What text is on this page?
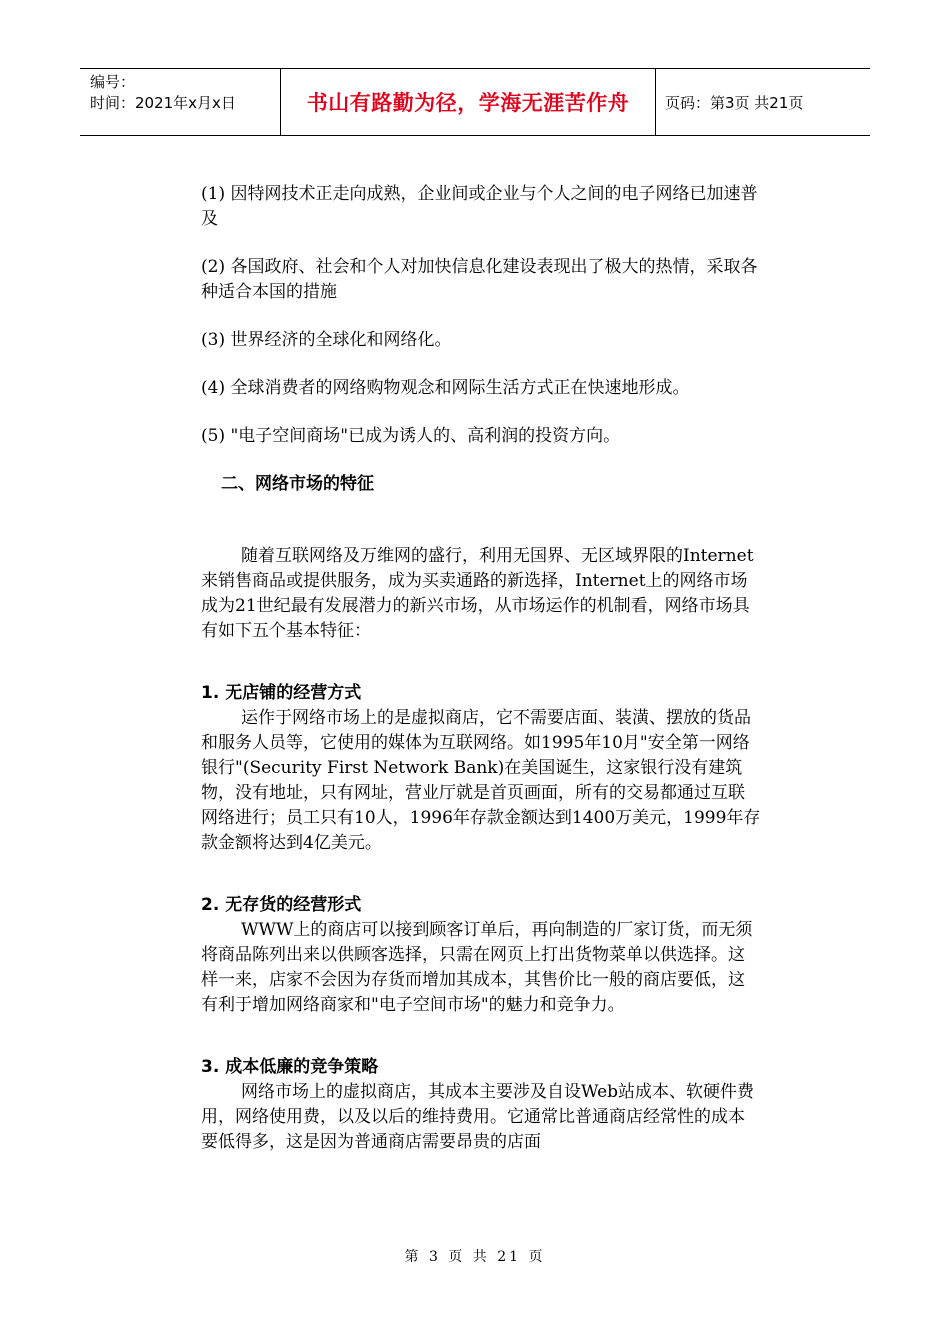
编号：
时间：2021年x月x日	书山有路勤为径，学海无涯苦作舟 页码：第3页 共21页

(1) 因特网技术正走向成熟，企业间或企业与个人之间的电子网络已加速普及

(2) 各国政府、社会和个人对加快信息化建设表现出了极大的热情，采取各种适合本国的措施

(3) 世界经济的全球化和网络化。

(4) 全球消费者的网络购物观念和网际生活方式正在快速地形成。

(5) "电子空间商场"已成为诱人的、高利润的投资方向。

二、网络市场的特征

随着互联网络及万维网的盛行，利用无国界、无区域界限的Internet来销售商品或提供服务，成为买卖通路的新选择，Internet上的网络市场成为21世纪最有发展潜力的新兴市场，从市场运作的机制看，网络市场具有如下五个基本特征：

1. 无店铺的经营方式

运作于网络市场上的是虚拟商店，它不需要店面、装潢、摆放的货品和服务人员等，它使用的媒体为互联网络。如1995年10月"安全第一网络银行"(Security First Network Bank)在美国诞生，这家银行没有建筑物，没有地址，只有网址，营业厅就是首页画面，所有的交易都通过互联网络进行；员工只有10人，1996年存款金额达到1400万美元，1999年存款金额将达到4亿美元。

2. 无存货的经营形式

WWW上的商店可以接到顾客订单后，再向制造的厂家订货，而无须将商品陈列出来以供顾客选择，只需在网页上打出货物菜单以供选择。这样一来，店家不会因为存货而增加其成本，其售价比一般的商店要低，这有利于增加网络商家和"电子空间市场"的魅力和竞争力。

3. 成本低廉的竞争策略

网络市场上的虚拟商店，其成本主要涉及自设Web站成本、软硬件费用，网络使用费，以及以后的维持费用。它通常比普通商店经常性的成本要低得多，这是因为普通商店需要昂贵的店面

第 3 页 共 21 页
